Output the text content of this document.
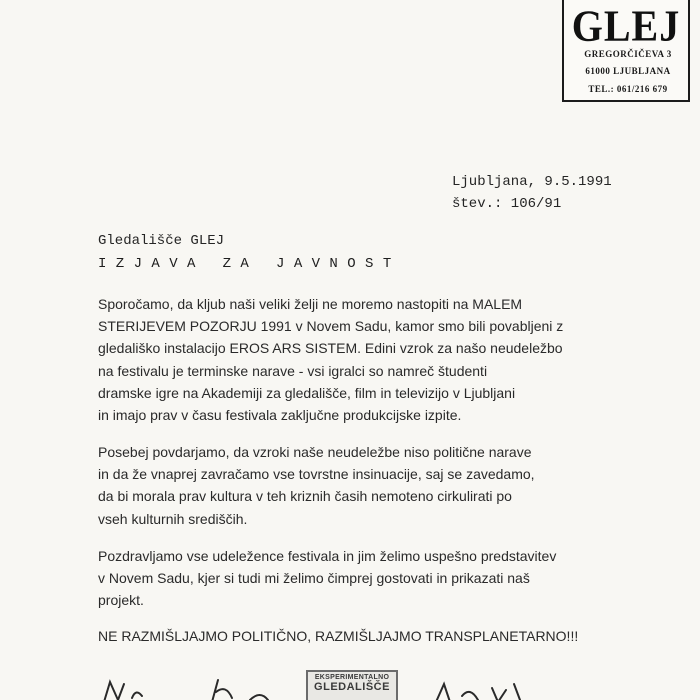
GLEJ
GREGORČIČEVA 3
61000 LJUBLJANA
TEL.: 061/216 679
Ljubljana, 9.5.1991
štev.: 106/91
Gledališče GLEJ
IZJAVA ZA JAVNOST
Sporočamo, da kljub naši veliki želji ne moremo nastopiti na MALEM
STERIJEVEM POZORJU 1991 v Novem Sadu, kamor smo bili povabljeni z
gledališko instalacijo EROS ARS SISTEM. Edini vzrok za našo neudeležbo
na festivalu je terminske narave - vsi igralci so namreč študenti
dramske igre na Akademiji za gledališče, film in televizijo v Ljubljani
in imajo prav v času festivala zaključne produkcijske izpite.
Posebej povdarjamo, da vzroki naše neudeležbe niso politične narave
in da že vnaprej zavračamo vse tovrstne insinuacije, saj se zavedamo,
da bi morala prav kultura v teh kriznih časih nemoteno cirkulirati po
vseh kulturnih središčih.
Pozdravljamo vse udeležence festivala in jim želimo uspešno predstavitev
v Novem Sadu, kjer si tudi mi želimo čimprej gostovati in prikazati naš
projekt.
NE RAZMIŠLJAJMO POLITIČNO, RAZMIŠLJAJMO TRANSPLANETARNO!!!
EKSPERIMENTALNO
GLEDALIŠČE
